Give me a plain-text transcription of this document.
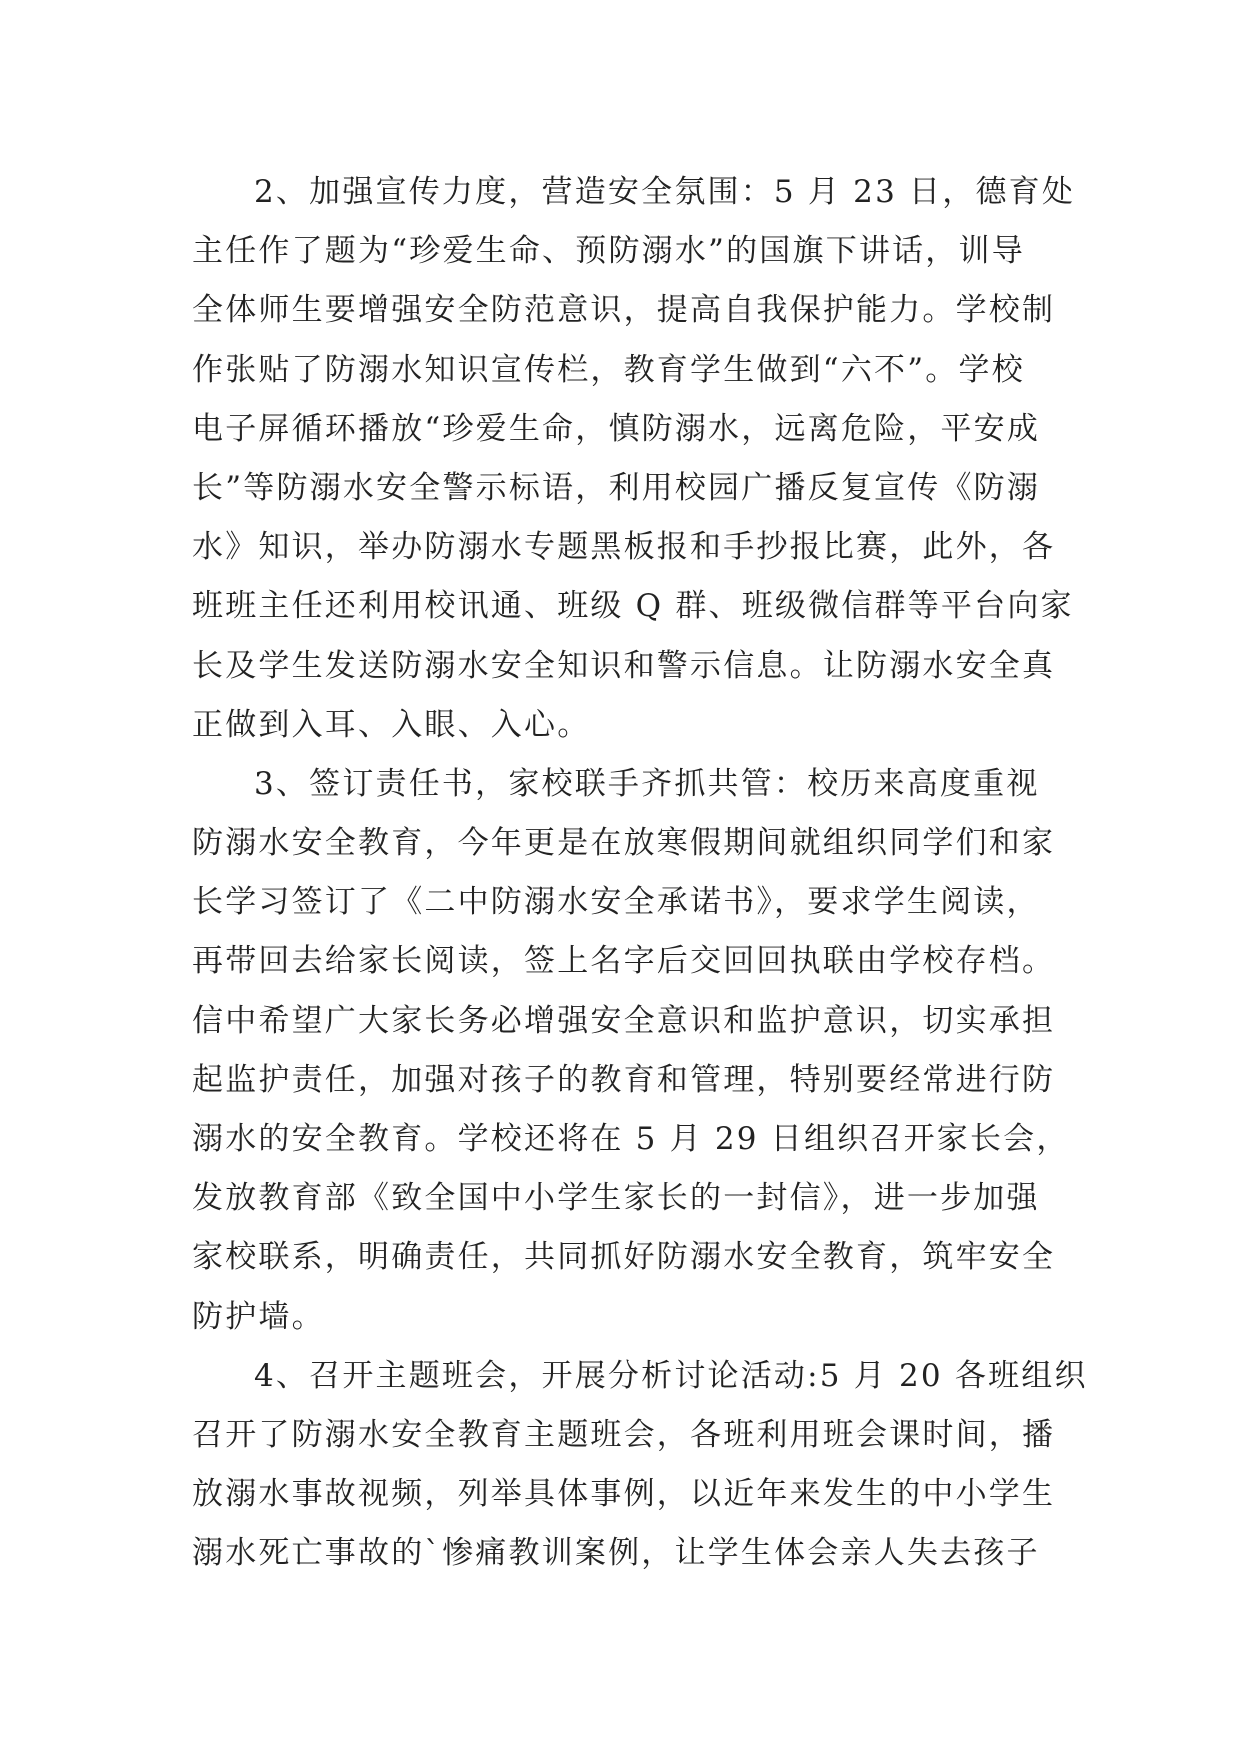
2、加强宣传力度，营造安全氛围：5 月 23 日，德育处
主任作了题为“珍爱生命、预防溺水”的国旗下讲话，训导
全体师生要增强安全防范意识，提高自我保护能力。学校制
作张贴了防溺水知识宣传栏，教育学生做到“六不”。学校
电子屏循环播放“珍爱生命，慎防溺水，远离危险，平安成
长”等防溺水安全警示标语，利用校园广播反复宣传《防溺
水》知识，举办防溺水专题黑板报和手抄报比赛，此外，各
班班主任还利用校讯通、班级 Q 群、班级微信群等平台向家
长及学生发送防溺水安全知识和警示信息。让防溺水安全真
正做到入耳、入眼、入心。
3、签订责任书，家校联手齐抓共管：校历来高度重视
防溺水安全教育，今年更是在放寒假期间就组织同学们和家
长学习签订了《二中防溺水安全承诺书》，要求学生阅读，
再带回去给家长阅读，签上名字后交回回执联由学校存档。
信中希望广大家长务必增强安全意识和监护意识，切实承担
起监护责任，加强对孩子的教育和管理，特别要经常进行防
溺水的安全教育。学校还将在 5 月 29 日组织召开家长会，
发放教育部《致全国中小学生家长的一封信》，进一步加强
家校联系，明确责任，共同抓好防溺水安全教育，筑牢安全
防护墙。
4、召开主题班会，开展分析讨论活动:5 月 20 各班组织
召开了防溺水安全教育主题班会，各班利用班会课时间，播
放溺水事故视频，列举具体事例，以近年来发生的中小学生
溺水死亡事故的`惨痛教训案例，让学生体会亲人失去孩子
